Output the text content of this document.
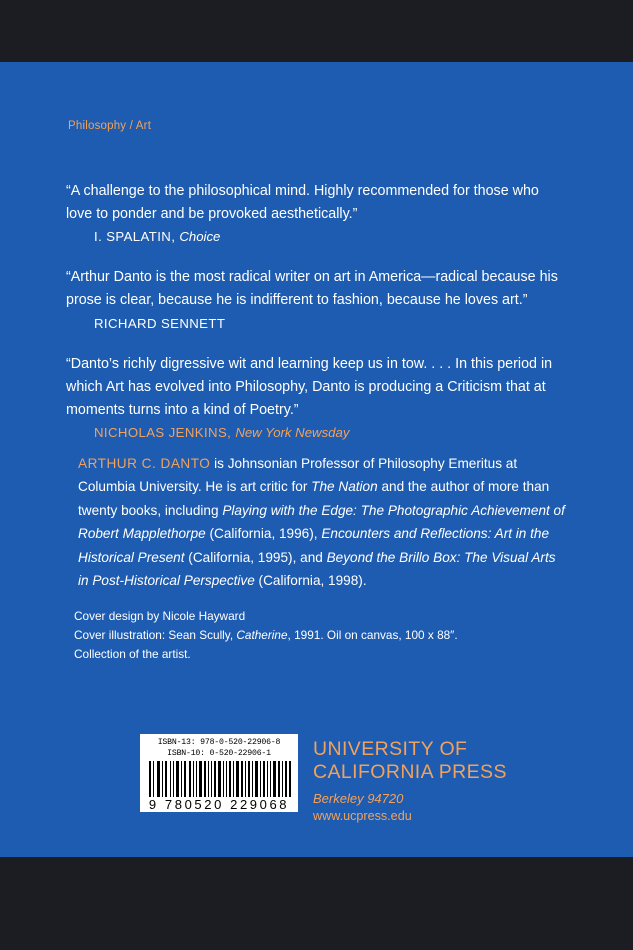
Philosophy / Art
“A challenge to the philosophical mind. Highly recommended for those who love to ponder and be provoked aesthetically.”
I. SPALATIN, Choice
“Arthur Danto is the most radical writer on art in America—radical because his prose is clear, because he is indifferent to fashion, because he loves art.”
RICHARD SENNETT
“Danto’s richly digressive wit and learning keep us in tow. . . . In this period in which Art has evolved into Philosophy, Danto is producing a Criticism that at moments turns into a kind of Poetry.”
NICHOLAS JENKINS, New York Newsday
ARTHUR C. DANTO is Johnsonian Professor of Philosophy Emeritus at Columbia University. He is art critic for The Nation and the author of more than twenty books, including Playing with the Edge: The Photographic Achievement of Robert Mapplethorpe (California, 1996), Encounters and Reflections: Art in the Historical Present (California, 1995), and Beyond the Brillo Box: The Visual Arts in Post-Historical Perspective (California, 1998).
Cover design by Nicole Hayward
Cover illustration: Sean Scully, Catherine, 1991. Oil on canvas, 100 x 88″.
Collection of the artist.
ISBN-13: 978-0-520-22906-8
ISBN-10: 0-520-22906-1
9 780520 229068
UNIVERSITY OF
CALIFORNIA PRESS
Berkeley 94720
www.ucpress.edu
